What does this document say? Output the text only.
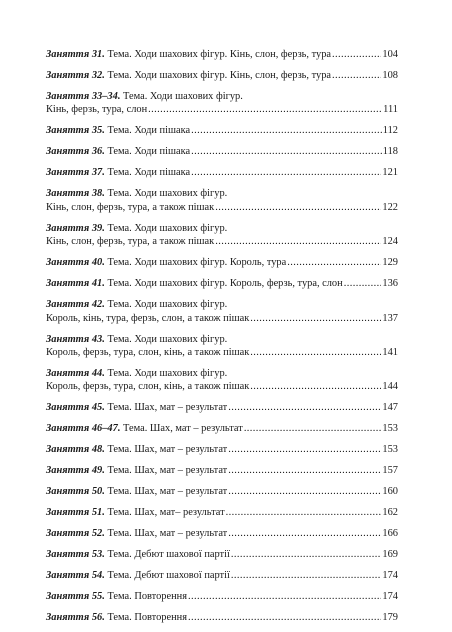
Заняття 31.
Тема. Ходи шахових фігур. Кінь, слон, ферзь, тура .....	104
Заняття 32.
Тема. Ходи шахових фігур. Кінь, слон, ферзь, тура .....	108
Заняття 33–34.
Тема. Ходи шахових фігур.
Кінь, ферзь, тура, слон .....	111
Заняття 35.
Тема. Ходи пішака .....	112
Заняття 36.
Тема. Ходи пішака .....	118
Заняття 37.
Тема. Ходи пішака .....	121
Заняття 38.
Тема. Ходи шахових фігур.
Кінь, слон, ферзь, тура, а також пішак .....	122
Заняття 39.
Тема. Ходи шахових фігур.
Кінь, слон, ферзь, тура, а також пішак .....	124
Заняття 40.
Тема. Ходи шахових фігур. Король, тура .....	129
Заняття 41.
Тема. Ходи шахових фігур. Король, ферзь, тура, слон .....	136
Заняття 42.
Тема. Ходи шахових фігур.
Король, кінь, тура, ферзь, слон, а також пішак .....	137
Заняття 43.
Тема. Ходи шахових фігур.
Король, ферзь, тура, слон, кінь, а також пішак .....	141
Заняття 44.
Тема. Ходи шахових фігур.
Король, ферзь, тура, слон, кінь, а також пішак .....	144
Заняття 45.
Тема. Шах, мат – результат .....	147
Заняття 46–47.
Тема. Шах, мат – результат .....	153
Заняття 48.
Тема. Шах, мат – результат .....	153
Заняття 49.
Тема. Шах, мат – результат .....	157
Заняття 50.
Тема. Шах, мат – результат .....	160
Заняття 51.
Тема. Шах, мат– результат .....	162
Заняття 52.
Тема. Шах, мат – результат .....	166
Заняття 53.
Тема. Дебют шахової партії .....	169
Заняття 54.
Тема. Дебют шахової партії .....	174
Заняття 55.
Тема. Повторення .....	174
Заняття 56.
Тема. Повторення .....	179
